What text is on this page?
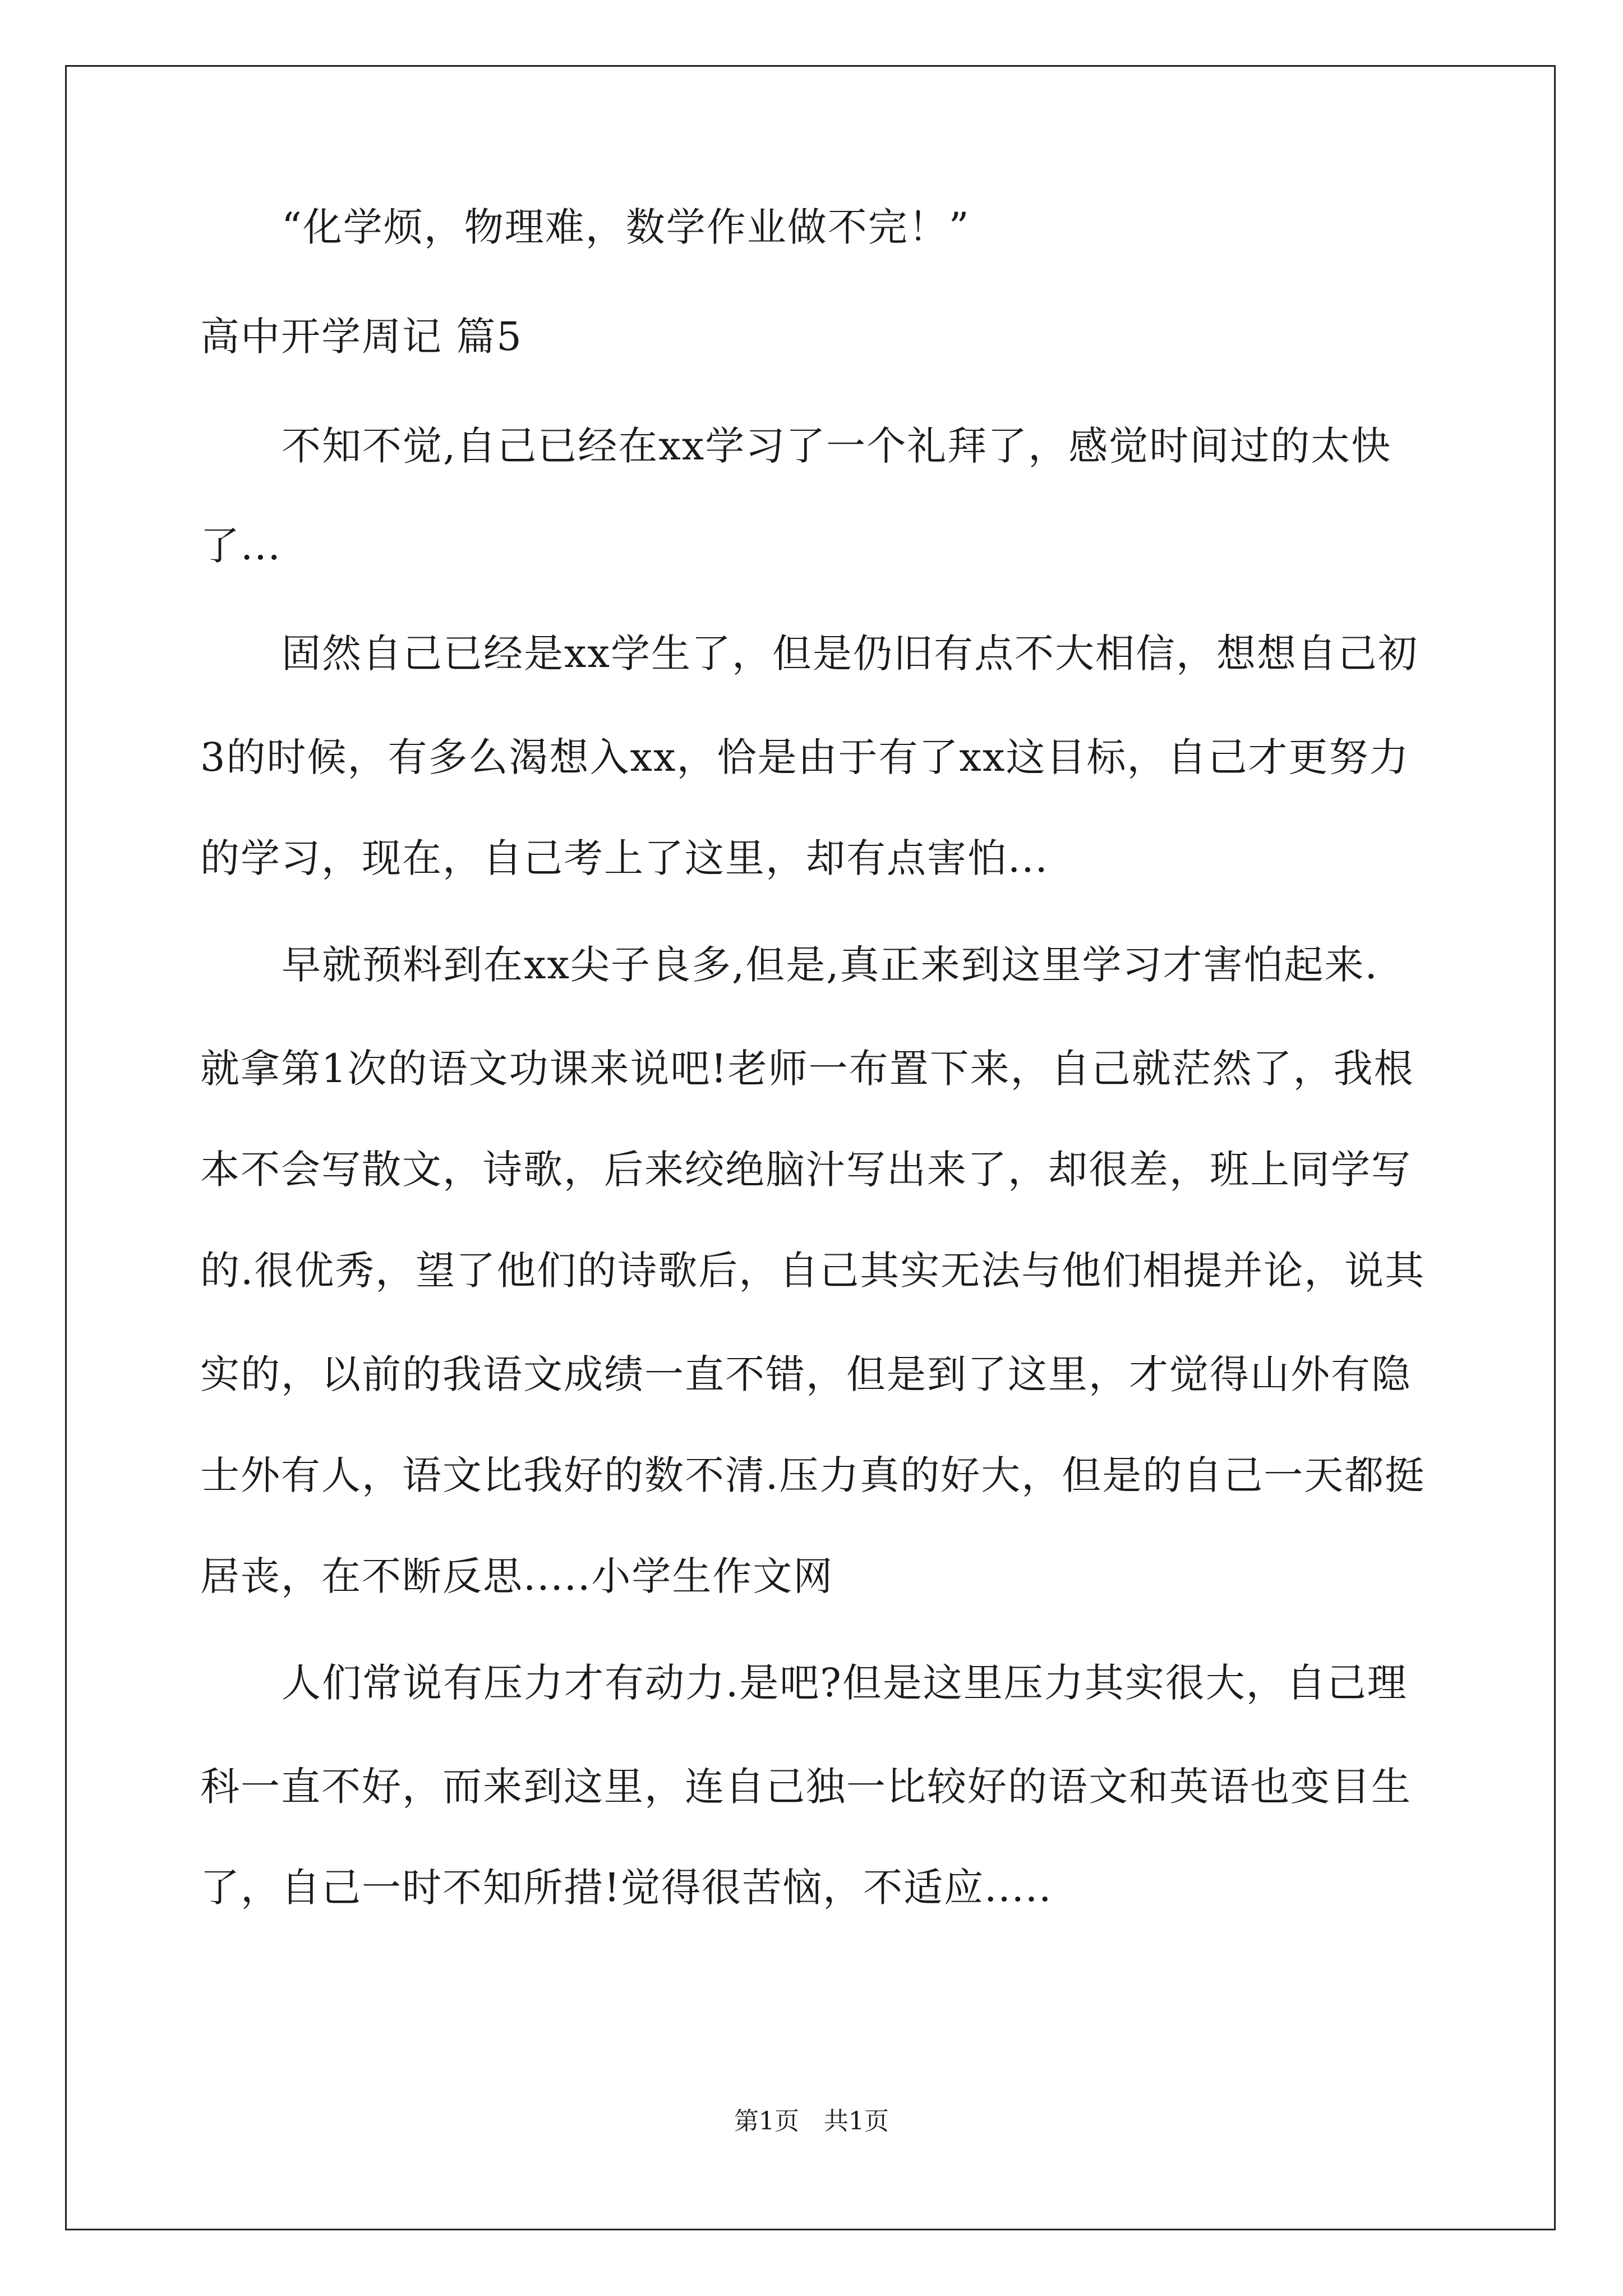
“化学烦，物理难，数学作业做不完！”
高中开学周记 篇5
不知不觉,自己已经在xx学习了一个礼拜了，感觉时间过的太快
了...
固然自己已经是xx学生了，但是仍旧有点不大相信，想想自己初
3的时候，有多么渴想入xx，恰是由于有了xx这目标，自己才更努力
的学习，现在，自己考上了这里，却有点害怕...
早就预料到在xx尖子良多,但是,真正来到这里学习才害怕起来.
就拿第1次的语文功课来说吧!老师一布置下来，自己就茫然了，我根
本不会写散文，诗歌，后来绞绝脑汁写出来了，却很差，班上同学写
的.很优秀，望了他们的诗歌后，自己其实无法与他们相提并论，说其
实的，以前的我语文成绩一直不错，但是到了这里，才觉得山外有隐
士外有人，语文比我好的数不清.压力真的好大，但是的自己一天都挺
居丧，在不断反思.....小学生作文网
人们常说有压力才有动力.是吧?但是这里压力其实很大，自己理
科一直不好，而来到这里，连自己独一比较好的语文和英语也变目生
了，自己一时不知所措!觉得很苦恼，不适应.....
第1页　共1页
